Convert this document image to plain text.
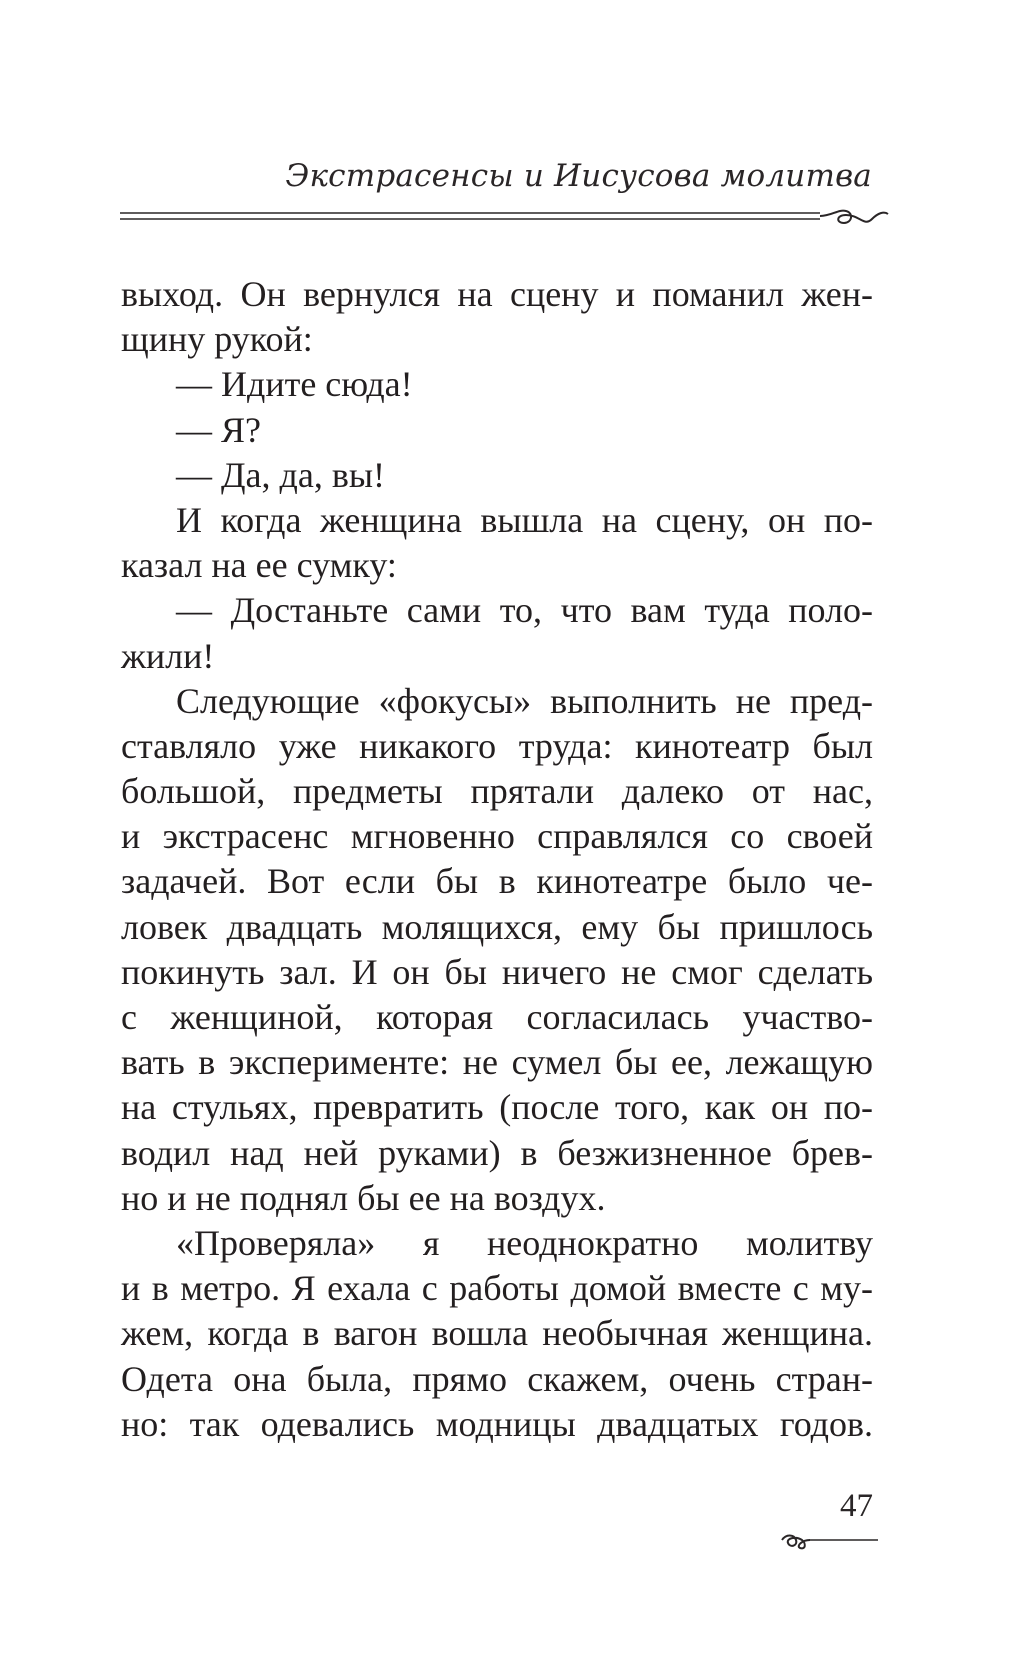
Экстрасенсы и Иисусова молитва
выход. Он вернулся на сцену и поманил жен-
щину рукой:
— Идите сюда!
— Я?
— Да, да, вы!
И когда женщина вышла на сцену, он по-
казал на ее сумку:
— Достаньте сами то, что вам туда поло-
жили!
Следующие «фокусы» выполнить не пред-
ставляло уже никакого труда: кинотеатр был
большой, предметы прятали далеко от нас,
и экстрасенс мгновенно справлялся со своей
задачей. Вот если бы в кинотеатре было че-
ловек двадцать молящихся, ему бы пришлось
покинуть зал. И он бы ничего не смог сделать
с женщиной, которая согласилась участво-
вать в эксперименте: не сумел бы ее, лежащую
на стульях, превратить (после того, как он по-
водил над ней руками) в безжизненное брев-
но и не поднял бы ее на воздух.
«Проверяла» я неоднократно молитву
и в метро. Я ехала с работы домой вместе с му-
жем, когда в вагон вошла необычная женщина.
Одета она была, прямо скажем, очень стран-
но: так одевались модницы двадцатых годов.
47
